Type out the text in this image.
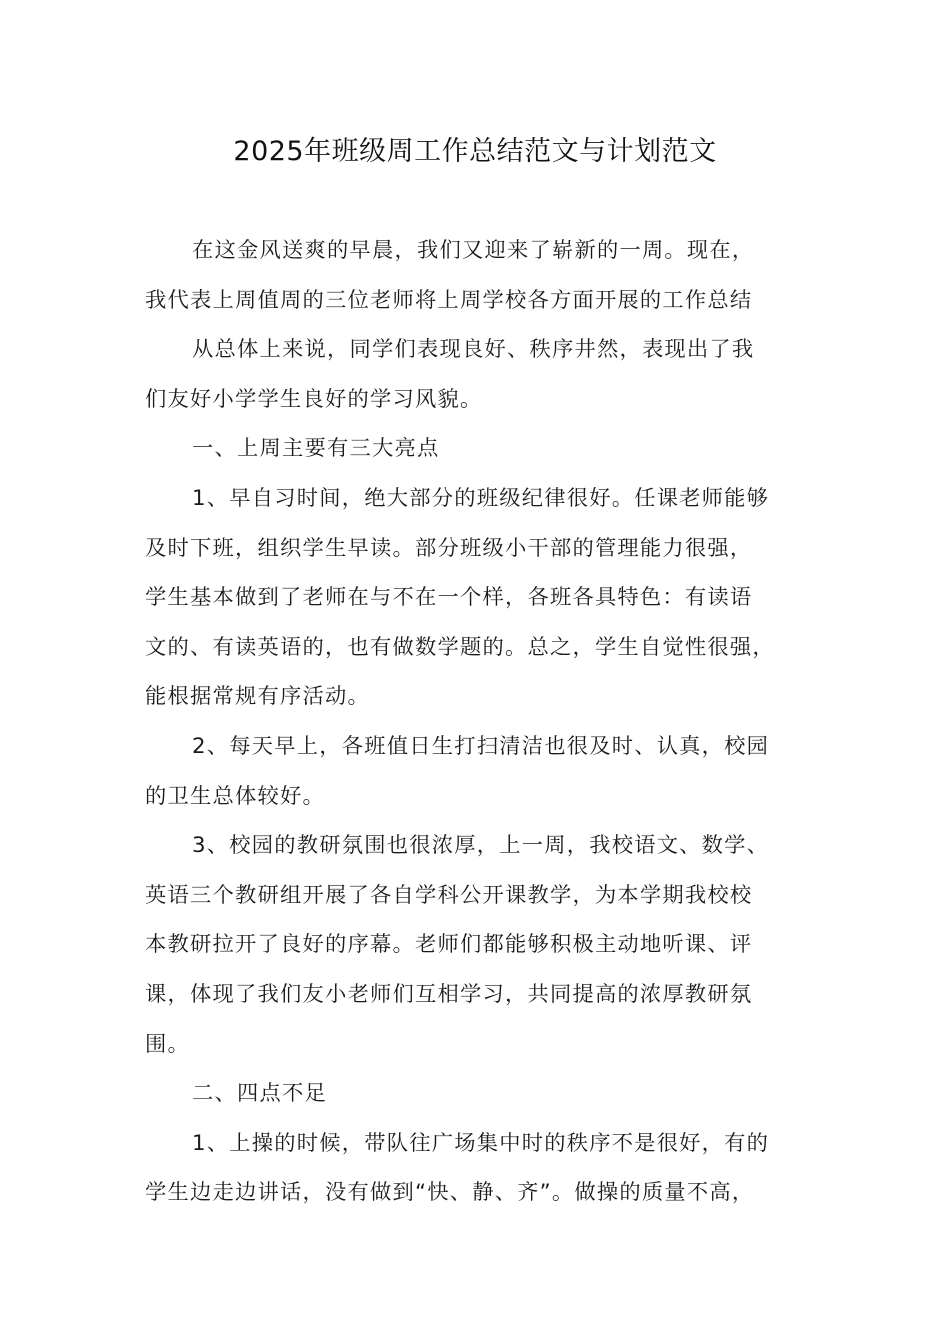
2025年班级周工作总结范文与计划范文
在这金风送爽的早晨，我们又迎来了崭新的一周。现在，
我代表上周值周的三位老师将上周学校各方面开展的工作总结
从总体上来说，同学们表现良好、秩序井然，表现出了我
们友好小学学生良好的学习风貌。
一、上周主要有三大亮点
1、早自习时间，绝大部分的班级纪律很好。任课老师能够
及时下班，组织学生早读。部分班级小干部的管理能力很强，
学生基本做到了老师在与不在一个样，各班各具特色：有读语
文的、有读英语的，也有做数学题的。总之，学生自觉性很强，
能根据常规有序活动。
2、每天早上，各班值日生打扫清洁也很及时、认真，校园
的卫生总体较好。
3、校园的教研氛围也很浓厚，上一周，我校语文、数学、
英语三个教研组开展了各自学科公开课教学，为本学期我校校
本教研拉开了良好的序幕。老师们都能够积极主动地听课、评
课，体现了我们友小老师们互相学习，共同提高的浓厚教研氛
围。
二、四点不足
1、上操的时候，带队往广场集中时的秩序不是很好，有的
学生边走边讲话，没有做到“快、静、齐”。做操的质量不高，
